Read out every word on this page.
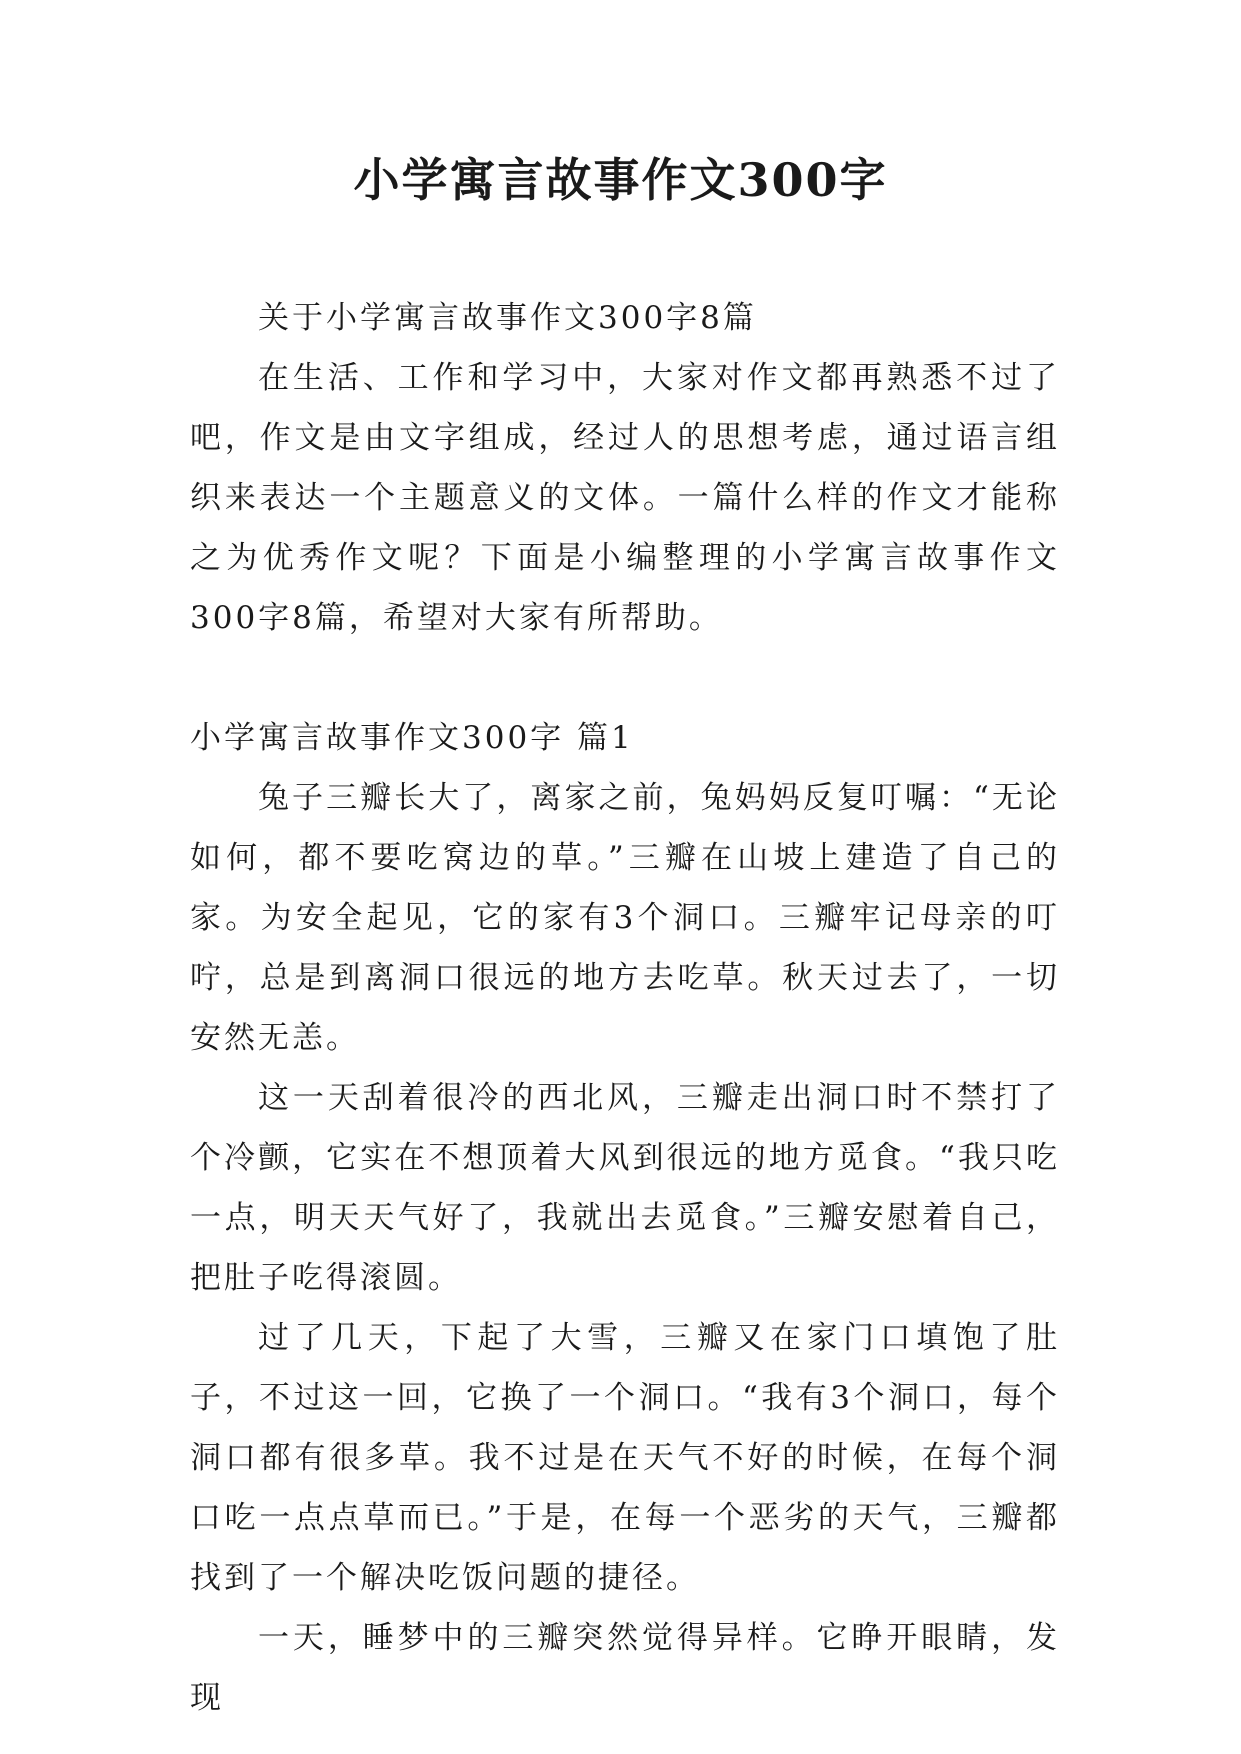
小学寓言故事作文300字

关于小学寓言故事作文300字8篇

在生活、工作和学习中，大家对作文都再熟悉不过了吧，作文是由文字组成，经过人的思想考虑，通过语言组织来表达一个主题意义的文体。一篇什么样的作文才能称之为优秀作文呢？下面是小编整理的小学寓言故事作文300字8篇，希望对大家有所帮助。

小学寓言故事作文300字 篇1

兔子三瓣长大了，离家之前，兔妈妈反复叮嘱：“无论如何，都不要吃窝边的草。”三瓣在山坡上建造了自己的家。为安全起见，它的家有3个洞口。三瓣牢记母亲的叮咛，总是到离洞口很远的地方去吃草。秋天过去了，一切安然无恙。

这一天刮着很冷的西北风，三瓣走出洞口时不禁打了个冷颤，它实在不想顶着大风到很远的地方觅食。“我只吃一点，明天天气好了，我就出去觅食。”三瓣安慰着自己，把肚子吃得滚圆。

过了几天，下起了大雪，三瓣又在家门口填饱了肚子，不过这一回，它换了一个洞口。“我有3个洞口，每个洞口都有很多草。我不过是在天气不好的时候，在每个洞口吃一点点草而已。”于是，在每一个恶劣的天气，三瓣都找到了一个解决吃饭问题的捷径。

一天，睡梦中的三瓣突然觉得异样。它睁开眼睛，发现
